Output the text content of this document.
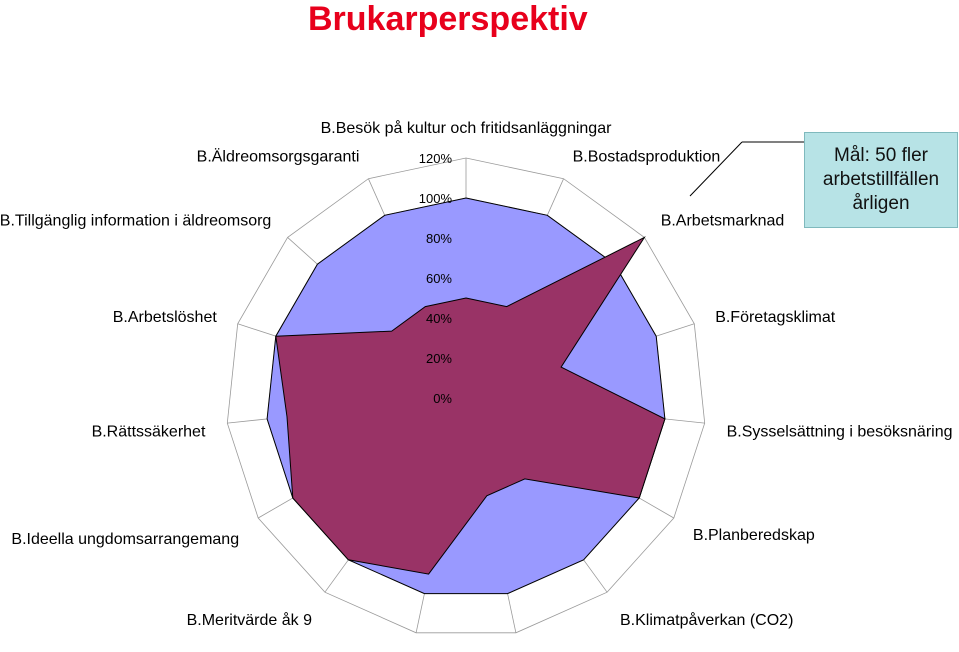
Brukarperspektiv
0%
20%
40%
60%
80%
100%
120%
B.Besök på kultur och fritidsanläggningar
B.Bostadsproduktion
B.Arbetsmarknad
B.Företagsklimat
B.Sysselsättning i besöksnäring
B.Planberedskap
B.Klimatpåverkan (CO2)
B.Meritvärde åk 9
B.Ideella ungdomsarrangemang
B.Rättssäkerhet
B.Arbetslöshet
B.Tillgänglig information i äldreomsorg
B.Äldreomsorgsgaranti	Mål: 50 fler arbetstillfällen årligen
